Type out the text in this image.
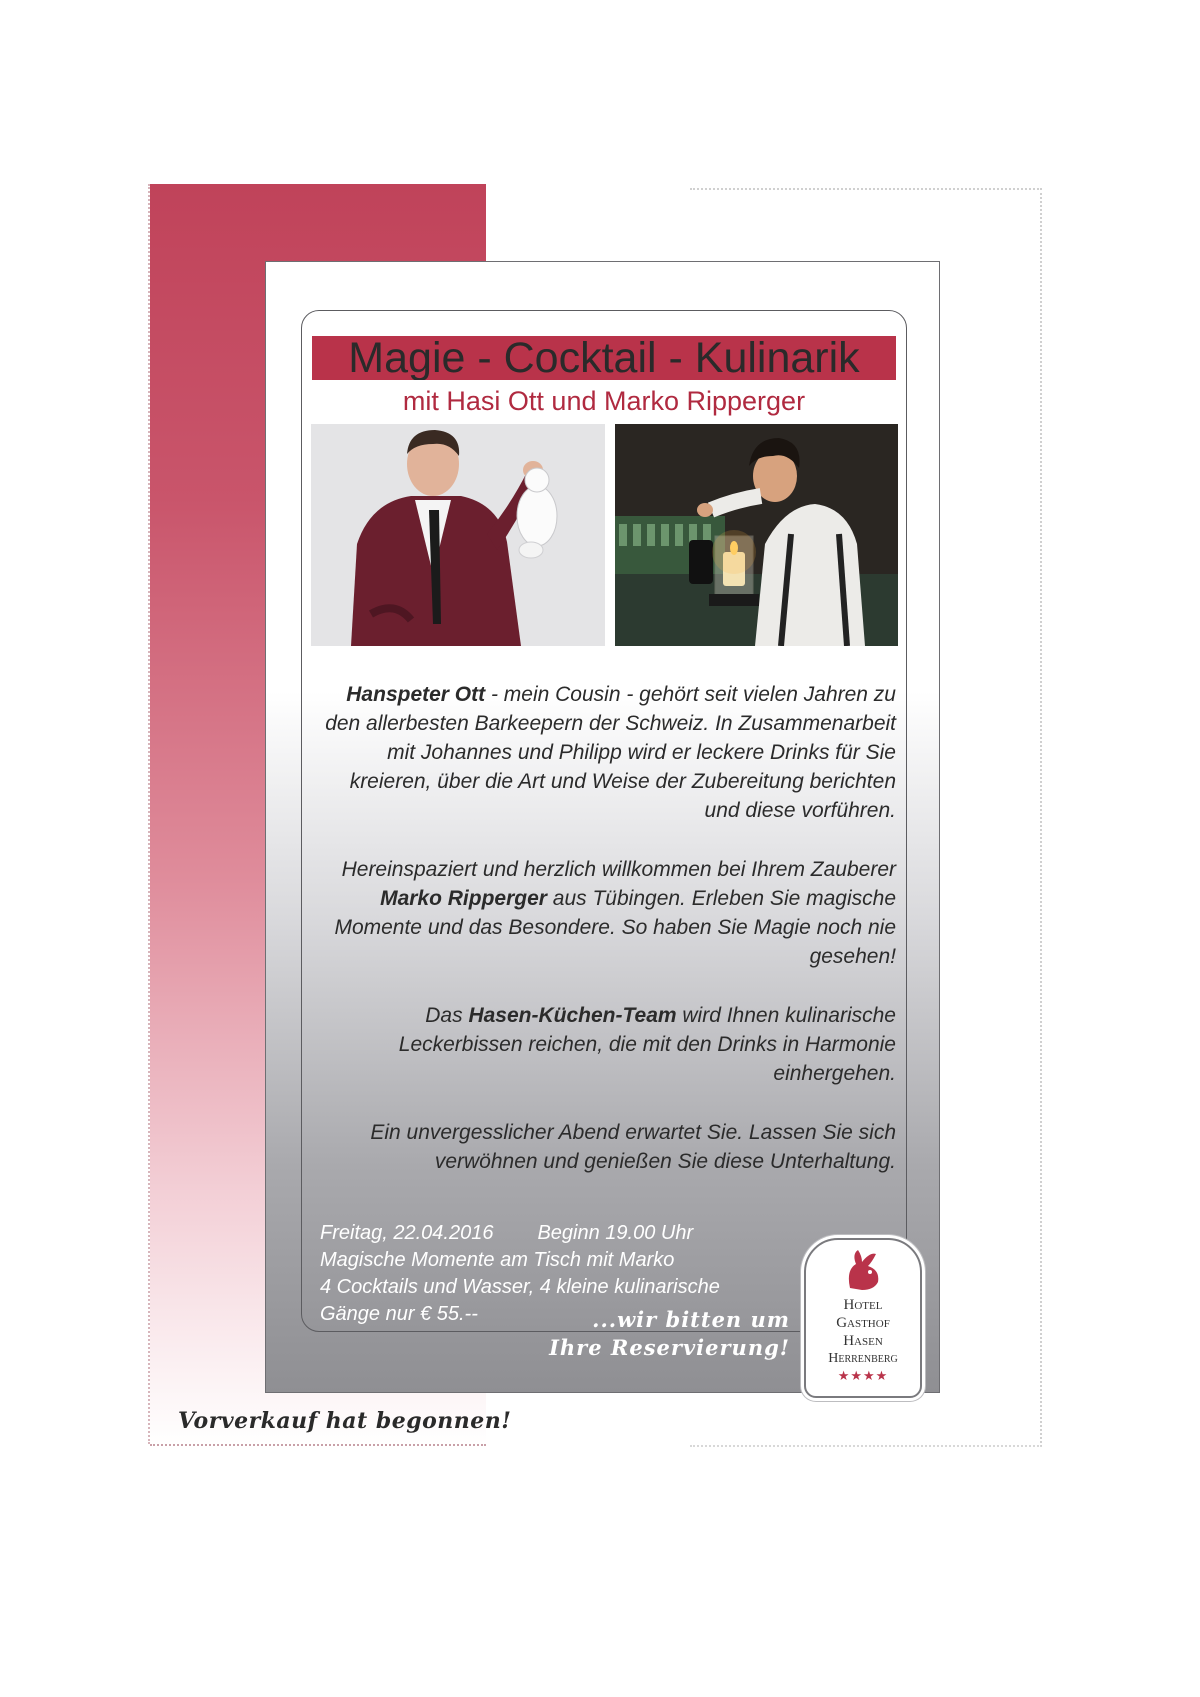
Magie - Cocktail - Kulinarik
mit Hasi Ott und Marko Ripperger
Hanspeter Ott - mein Cousin - gehört seit vielen Jahren zu den allerbesten Barkeepern der Schweiz. In Zusammenarbeit mit Johannes und Philipp wird er leckere Drinks für Sie kreieren, über die Art und Weise der Zubereitung berichten und diese vorführen.
Hereinspaziert und herzlich willkommen bei Ihrem Zauberer Marko Ripperger aus Tübingen. Erleben Sie magische Momente und das Besondere. So haben Sie Magie noch nie gesehen!
Das Hasen-Küchen-Team wird Ihnen kulinarische Leckerbissen reichen, die mit den Drinks in Harmonie einhergehen.
Ein unvergesslicher Abend erwartet Sie. Lassen Sie sich verwöhnen und genießen Sie diese Unterhaltung.
Freitag, 22.04.2016 Beginn 19.00 Uhr
Magische Momente am Tisch mit Marko
4 Cocktails und Wasser, 4 kleine kulinarische
Gänge nur € 55.--	...wir bitten um
Ihre Reservierung!
Hotel
Gasthof
Hasen
Herrenberg
★★★★
Vorverkauf hat begonnen!
